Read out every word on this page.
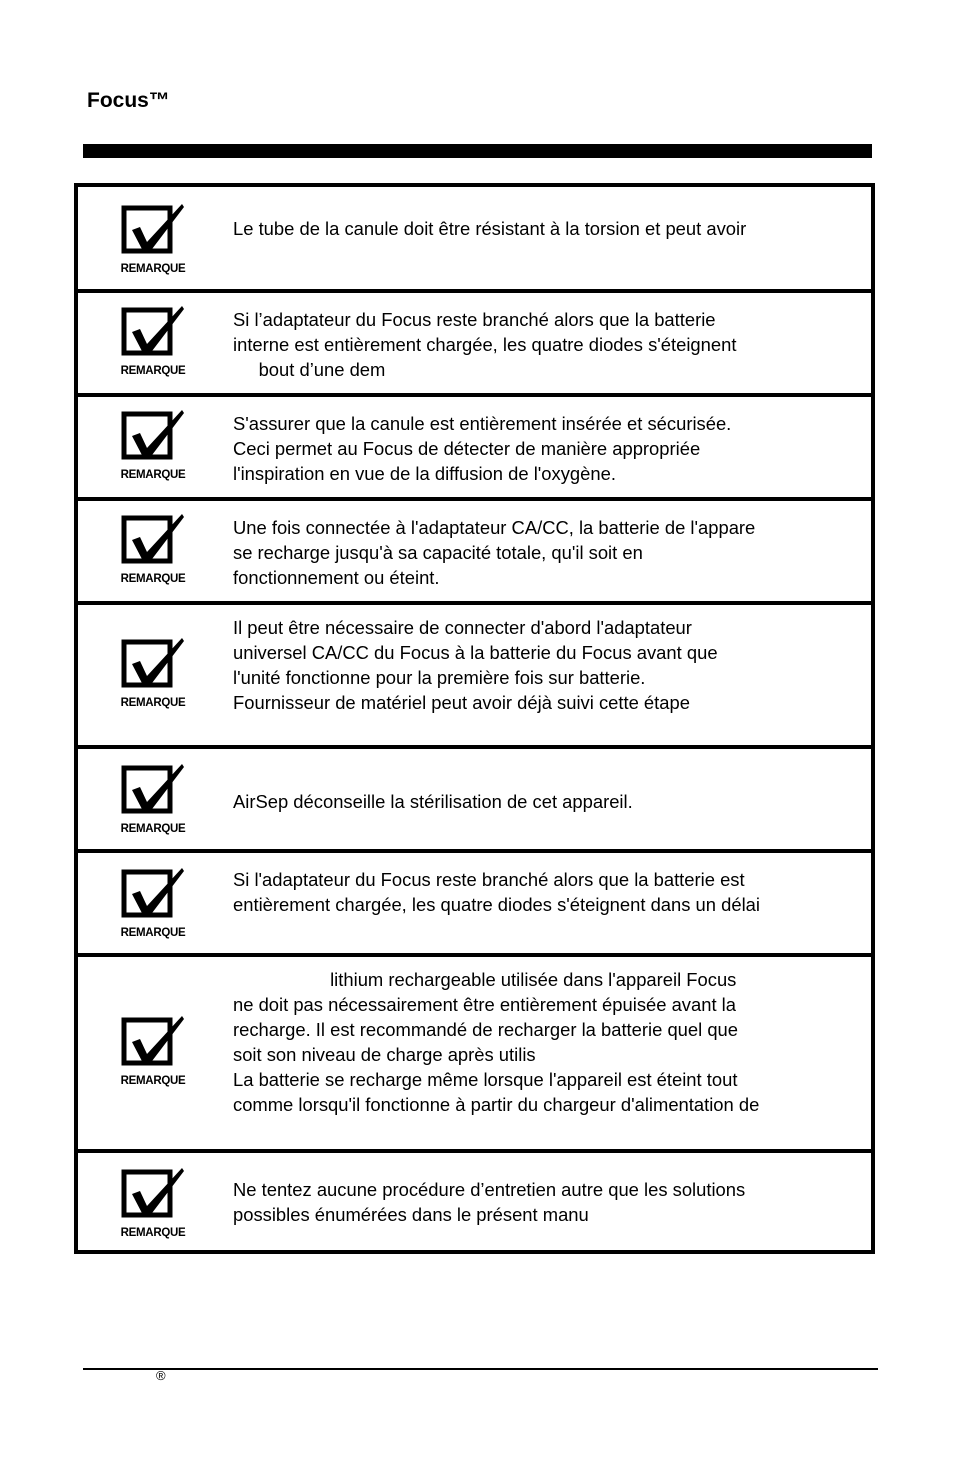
Focus™
REMARQUE
Le tube de la canule doit être résistant à la torsion et peut avoir
REMARQUE
Si l’adaptateur du Focus reste branché alors que la batterie
interne est entièrement chargée, les quatre diodes s'éteignent
bout d’une dem
REMARQUE
S'assurer que la canule est entièrement insérée et sécurisée.
Ceci permet au Focus de détecter de manière appropriée
l'inspiration en vue de la diffusion de l'oxygène.
REMARQUE
Une fois connectée à l'adaptateur CA/CC, la batterie de l'appare
se recharge jusqu'à sa capacité totale, qu'il soit en
fonctionnement ou éteint.
REMARQUE
Il peut être nécessaire de connecter d'abord l'adaptateur
universel CA/CC du Focus à la batterie du Focus avant que
l'unité fonctionne pour la première fois sur batterie.
Fournisseur de matériel peut avoir déjà suivi cette étape
REMARQUE
AirSep déconseille la stérilisation de cet appareil.
REMARQUE
Si l'adaptateur du Focus reste branché alors que la batterie est
entièrement chargée, les quatre diodes s'éteignent dans un délai
REMARQUE
lithium rechargeable utilisée dans l'appareil Focus
ne doit pas nécessairement être entièrement épuisée avant la
recharge. Il est recommandé de recharger la batterie quel que
soit son niveau de charge après utilis
La batterie se recharge même lorsque l'appareil est éteint tout
comme lorsqu'il fonctionne à partir du chargeur d'alimentation de
REMARQUE
Ne tentez aucune procédure d’entretien autre que les solutions
possibles énumérées dans le présent manu
®
